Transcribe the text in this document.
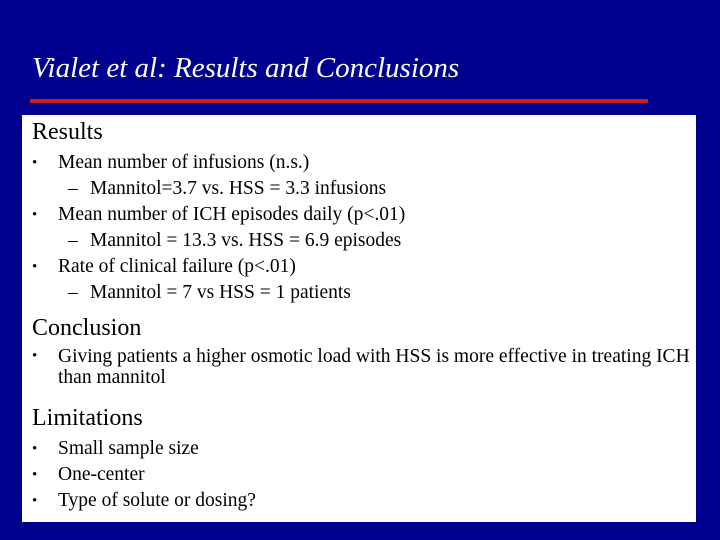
Vialet et al: Results and Conclusions
Results
• Mean number of infusions (n.s.)
– Mannitol=3.7 vs. HSS = 3.3 infusions
• Mean number of ICH episodes daily (p<.01)
– Mannitol = 13.3 vs. HSS = 6.9 episodes
• Rate of clinical failure (p<.01)
– Mannitol = 7 vs HSS = 1 patients
Conclusion
• Giving patients a higher osmotic load with HSS is more effective in treating ICH than mannitol
Limitations
• Small sample size
• One-center
• Type of solute or dosing?
